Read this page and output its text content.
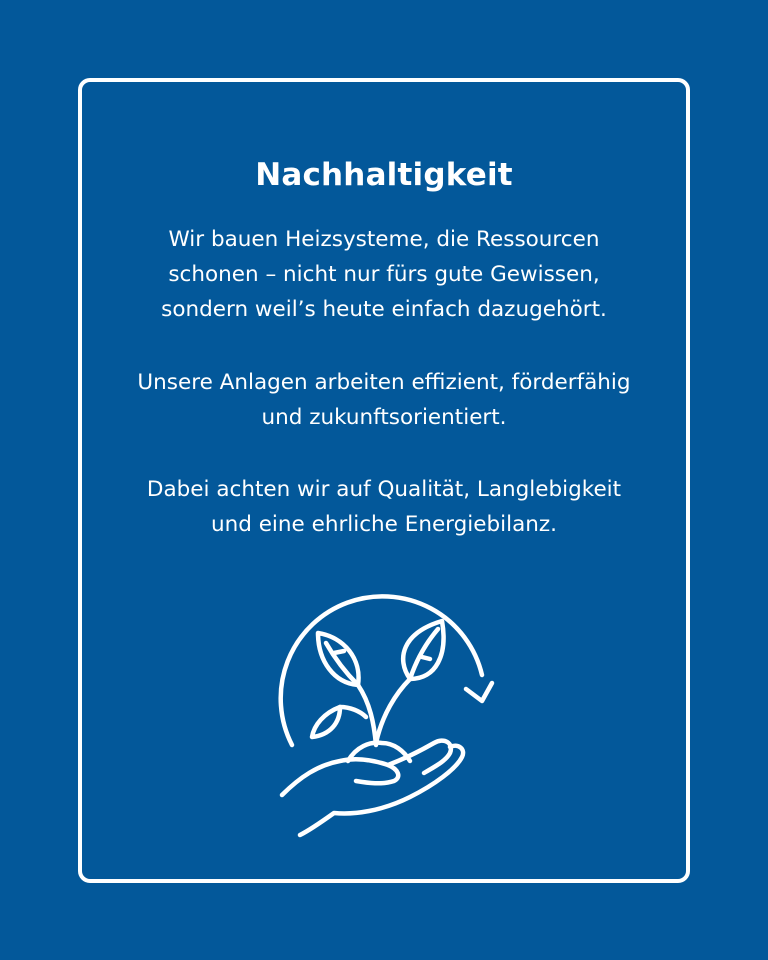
Nachhaltigkeit

Wir bauen Heizsysteme, die Ressourcen
schonen – nicht nur fürs gute Gewissen,
sondern weil’s heute einfach dazugehört.

Unsere Anlagen arbeiten effizient, förderfähig
und zukunftsorientiert.

Dabei achten wir auf Qualität, Langlebigkeit
und eine ehrliche Energiebilanz.
